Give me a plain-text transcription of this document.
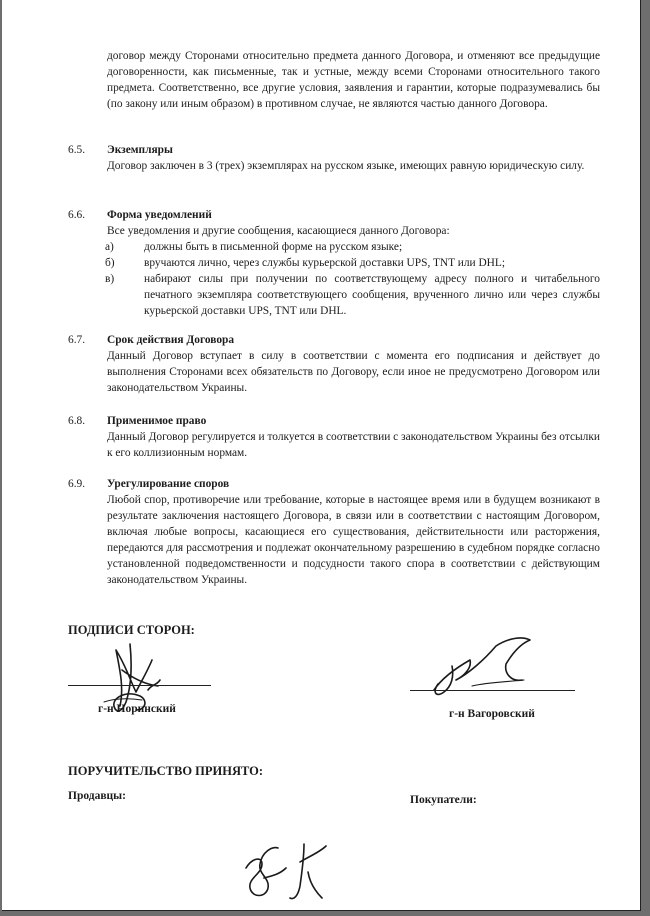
договор между Сторонами относительно предмета данного Договора, и отменяют все предыдущие договоренности, как письменные, так и устные, между всеми Сторонами относительного такого предмета. Соответственно, все другие условия, заявления и гарантии, которые подразумевались бы (по закону или иным образом) в противном случае, не являются частью данного Договора.
6.5. Экземпляры
Договор заключен в 3 (трех) экземплярах на русском языке, имеющих равную юридическую силу.
6.6. Форма уведомлений
Все уведомления и другие сообщения, касающиеся данного Договора:
а)	должны быть в письменной форме на русском языке;
б)	вручаются лично, через службы курьерской доставки UPS, TNT или DHL;
в)	набирают силы при получении по соответствующему адресу полного и читабельного печатного экземпляра соответствующего сообщения, врученного лично или через службы курьерской доставки UPS, TNT или DHL.
6.7. Срок действия Договора
Данный Договор вступает в силу в соответствии с момента его подписания и действует до выполнения Сторонами всех обязательств по Договору, если иное не предусмотрено Договором или законодательством Украины.
6.8. Применимое право
Данный Договор регулируется и толкуется в соответствии с законодательством Украины без отсылки к его коллизионным нормам.
6.9. Урегулирование споров
Любой спор, противоречие или требование, которые в настоящее время или в будущем возникают в результате заключения настоящего Договора, в связи или в соответствии с настоящим Договором, включая любые вопросы, касающиеся его существования, действительности или расторжения, передаются для рассмотрения и подлежат окончательному разрешению в судебном порядке согласно установленной подведомственности и подсудности такого спора в соответствии с действующим законодательством Украины.
ПОДПИСИ СТОРОН:
г-н Норинский	г-н Вагоровский
ПОРУЧИТЕЛЬСТВО ПРИНЯТО:
Продавцы:	Покупатели:
